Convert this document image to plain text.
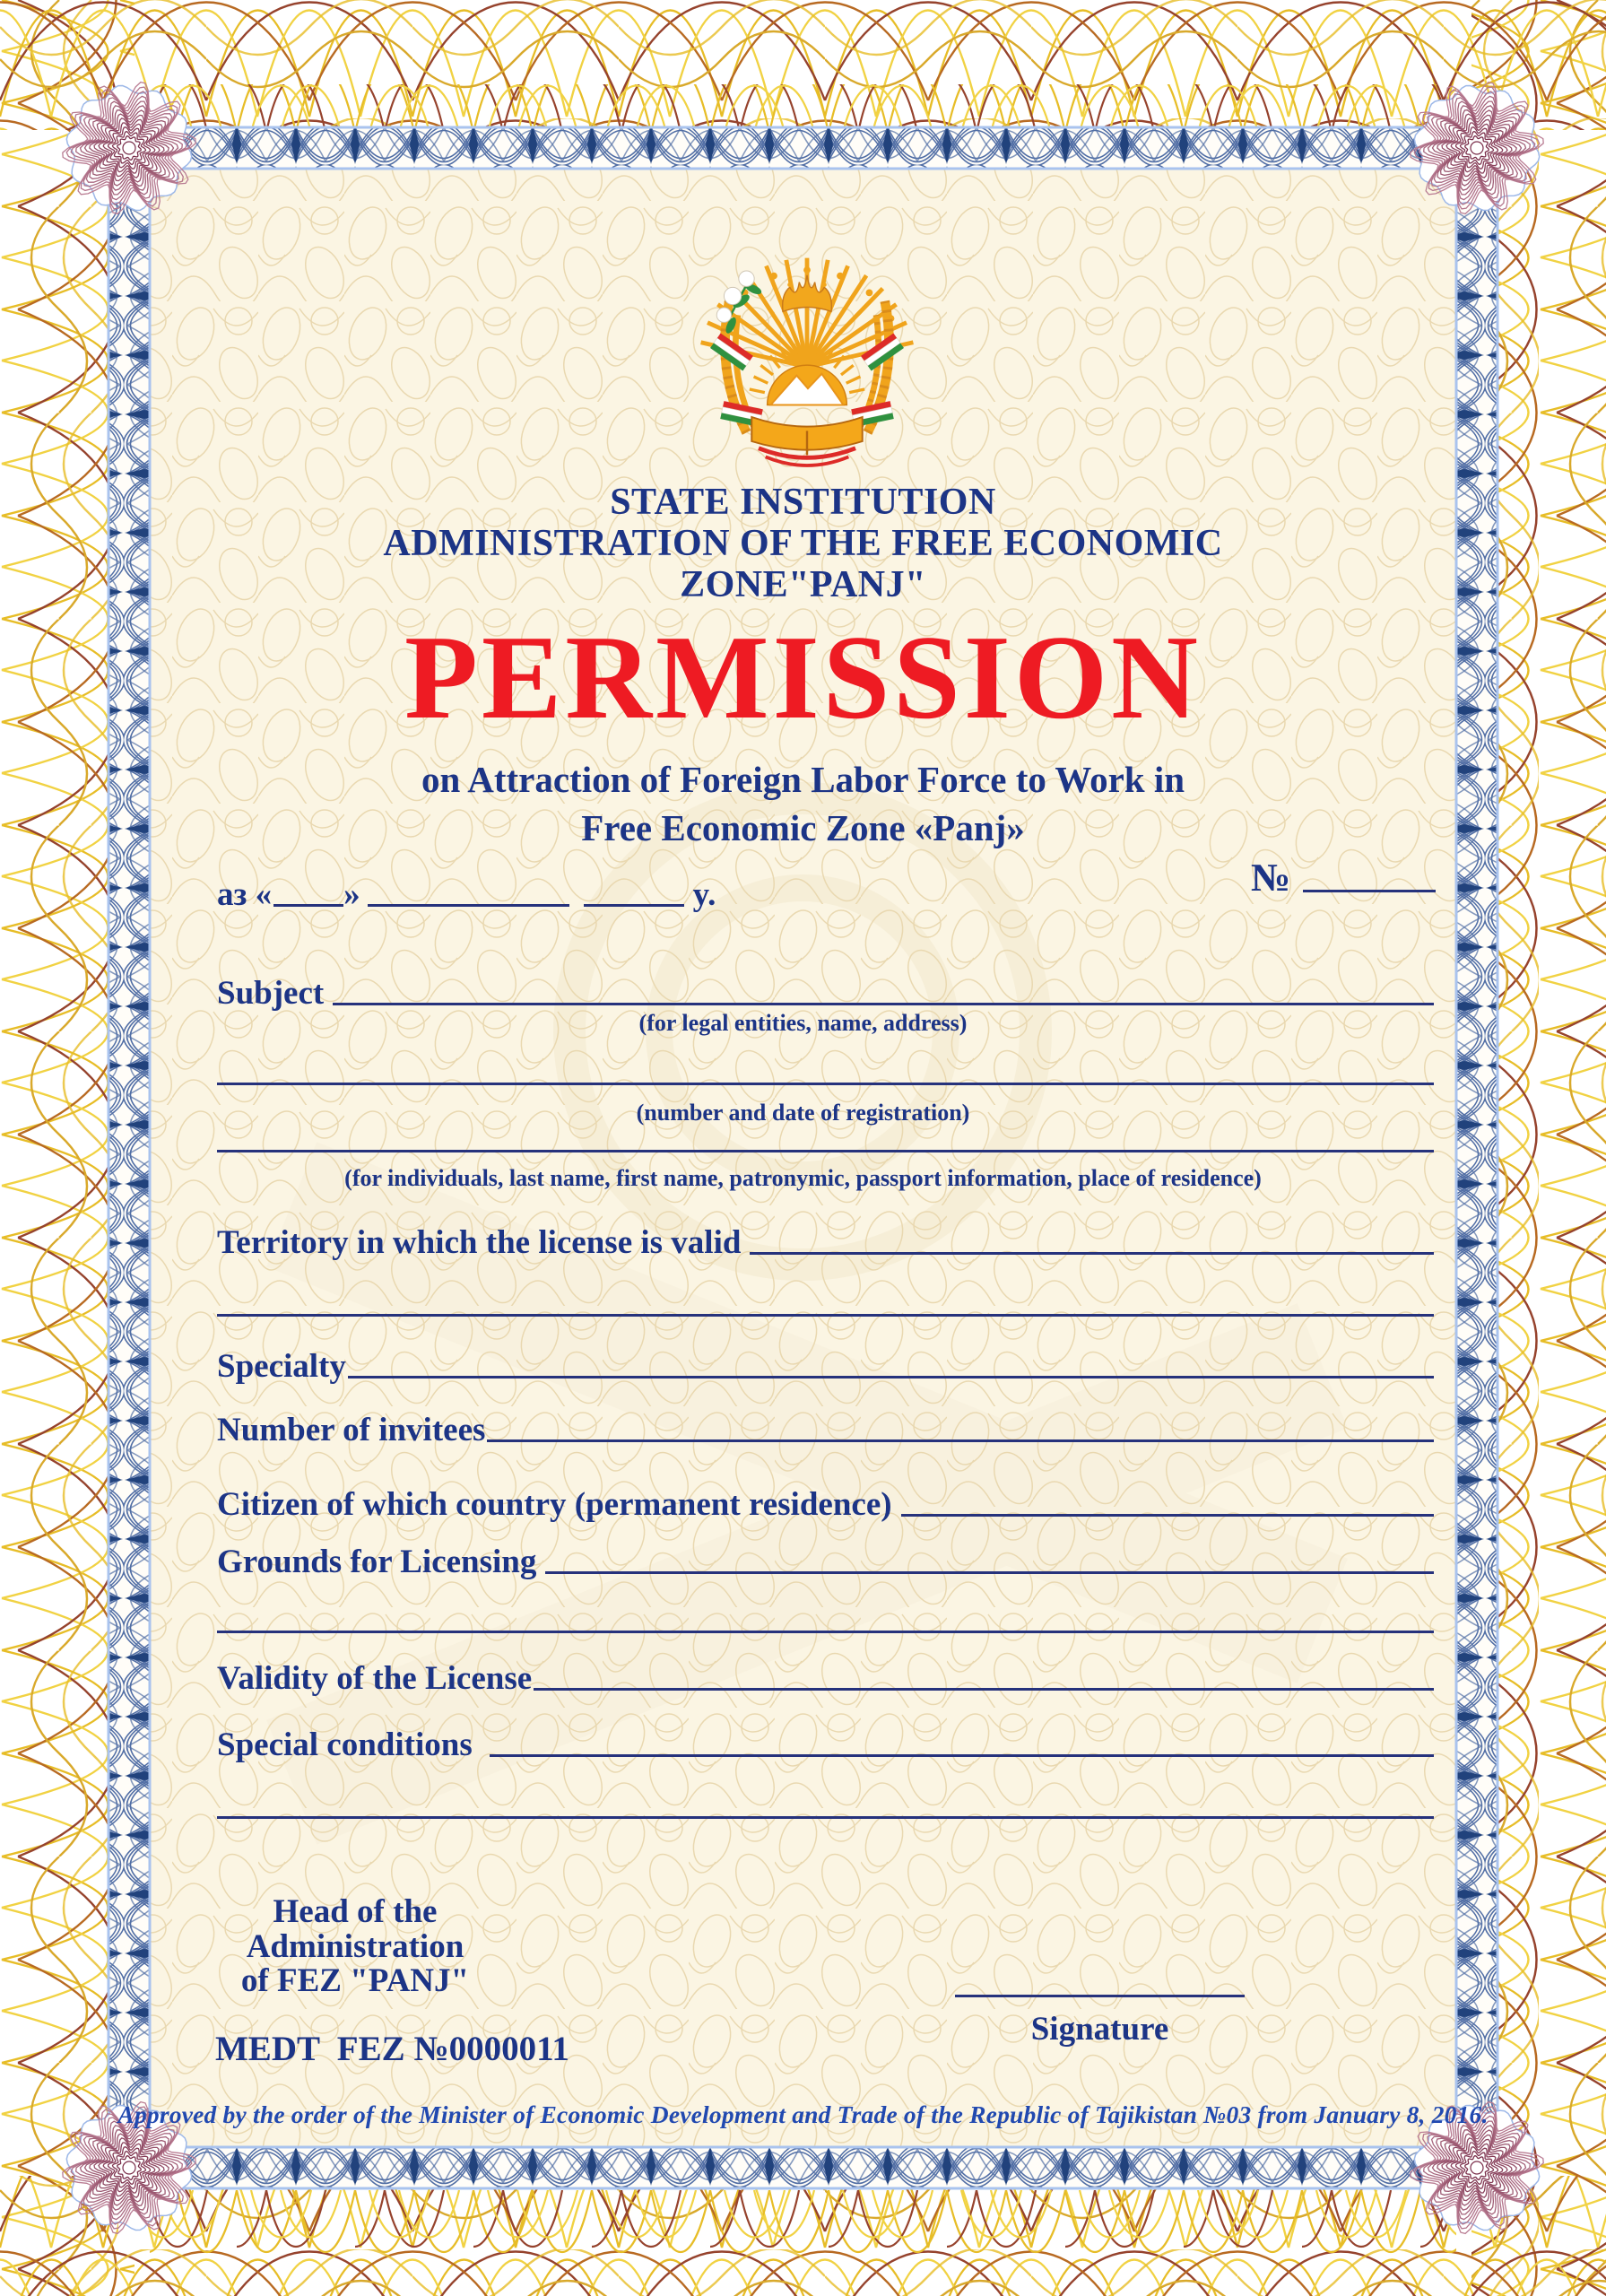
STATE INSTITUTION
ADMINISTRATION OF THE FREE ECONOMIC
ZONE"PANJ"
PERMISSION
on Attraction of Foreign Labor Force to Work in
Free Economic Zone «Panj»
аз « »	y.	№
Subject
(for legal entities, name, address)
(number and date of registration)
(for individuals, last name, first name, patronymic, passport information, place of residence)
Territory in which the license is valid
Specialty
Number of invitees
Citizen of which country (permanent residence)
Grounds for Licensing
Validity of the License
Special conditions
Head of the
Administration
of FEZ "PANJ"
Signature
MEDT  FEZ №0000011
Approved by the order of the Minister of Economic Development and Trade of the Republic of Tajikistan №03 from January 8, 2016.
